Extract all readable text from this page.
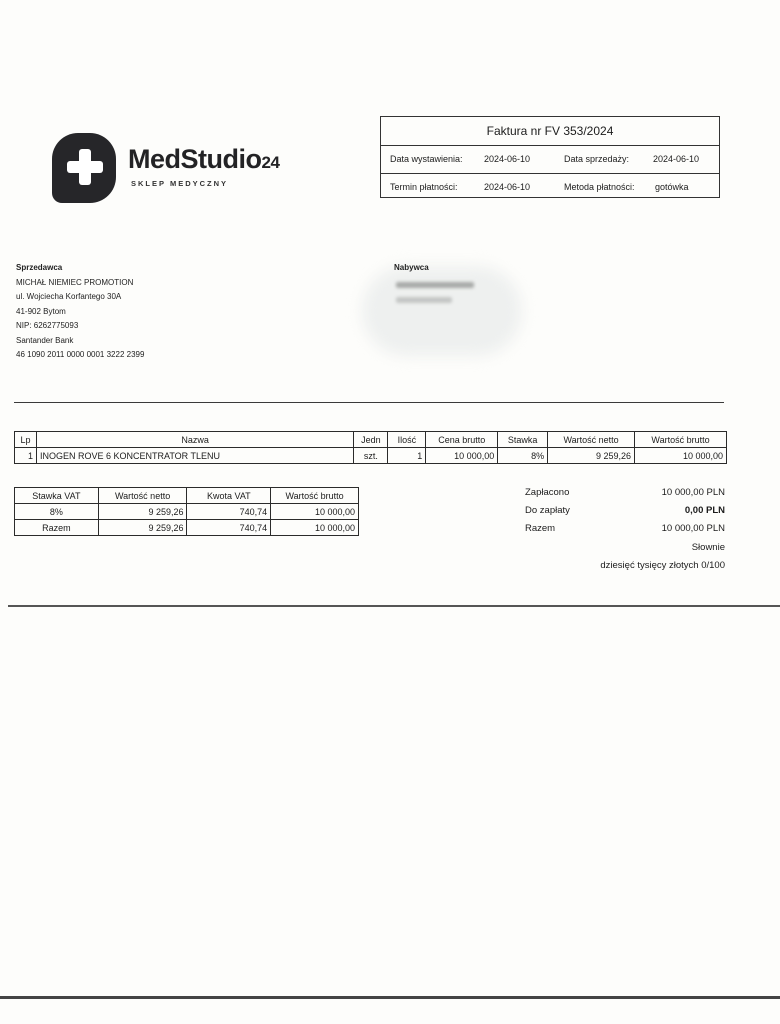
MedStudio24
SKLEP MEDYCZNY
Faktura nr FV 353/2024
Data wystawienia: 2024-06-10	Data sprzedaży:	2024-06-10
Termin płatności:	2024-06-10	Metoda płatności: gotówka
Sprzedawca
MICHAŁ NIEMIEC PROMOTION
ul. Wojciecha Korfantego 30A
41-902 Bytom
NIP: 6262775093
Santander Bank
46 1090 2011 0000 0001 3222 2399
Nabywca
Lp	Nazwa	Jedn	Ilość	Cena brutto	Stawka	Wartość netto	Wartość brutto
1	INOGEN ROVE 6 KONCENTRATOR TLENU	szt.	1	10 000,00	8%	9 259,26	10 000,00
Stawka VAT	Wartość netto	Kwota VAT	Wartość brutto
8%	9 259,26	740,74	10 000,00
Razem	9 259,26	740,74	10 000,00
Zapłacono	10 000,00 PLN
Do zapłaty	0,00 PLN
Razem	10 000,00 PLN
Słownie
dziesięć tysięcy złotych 0/100
